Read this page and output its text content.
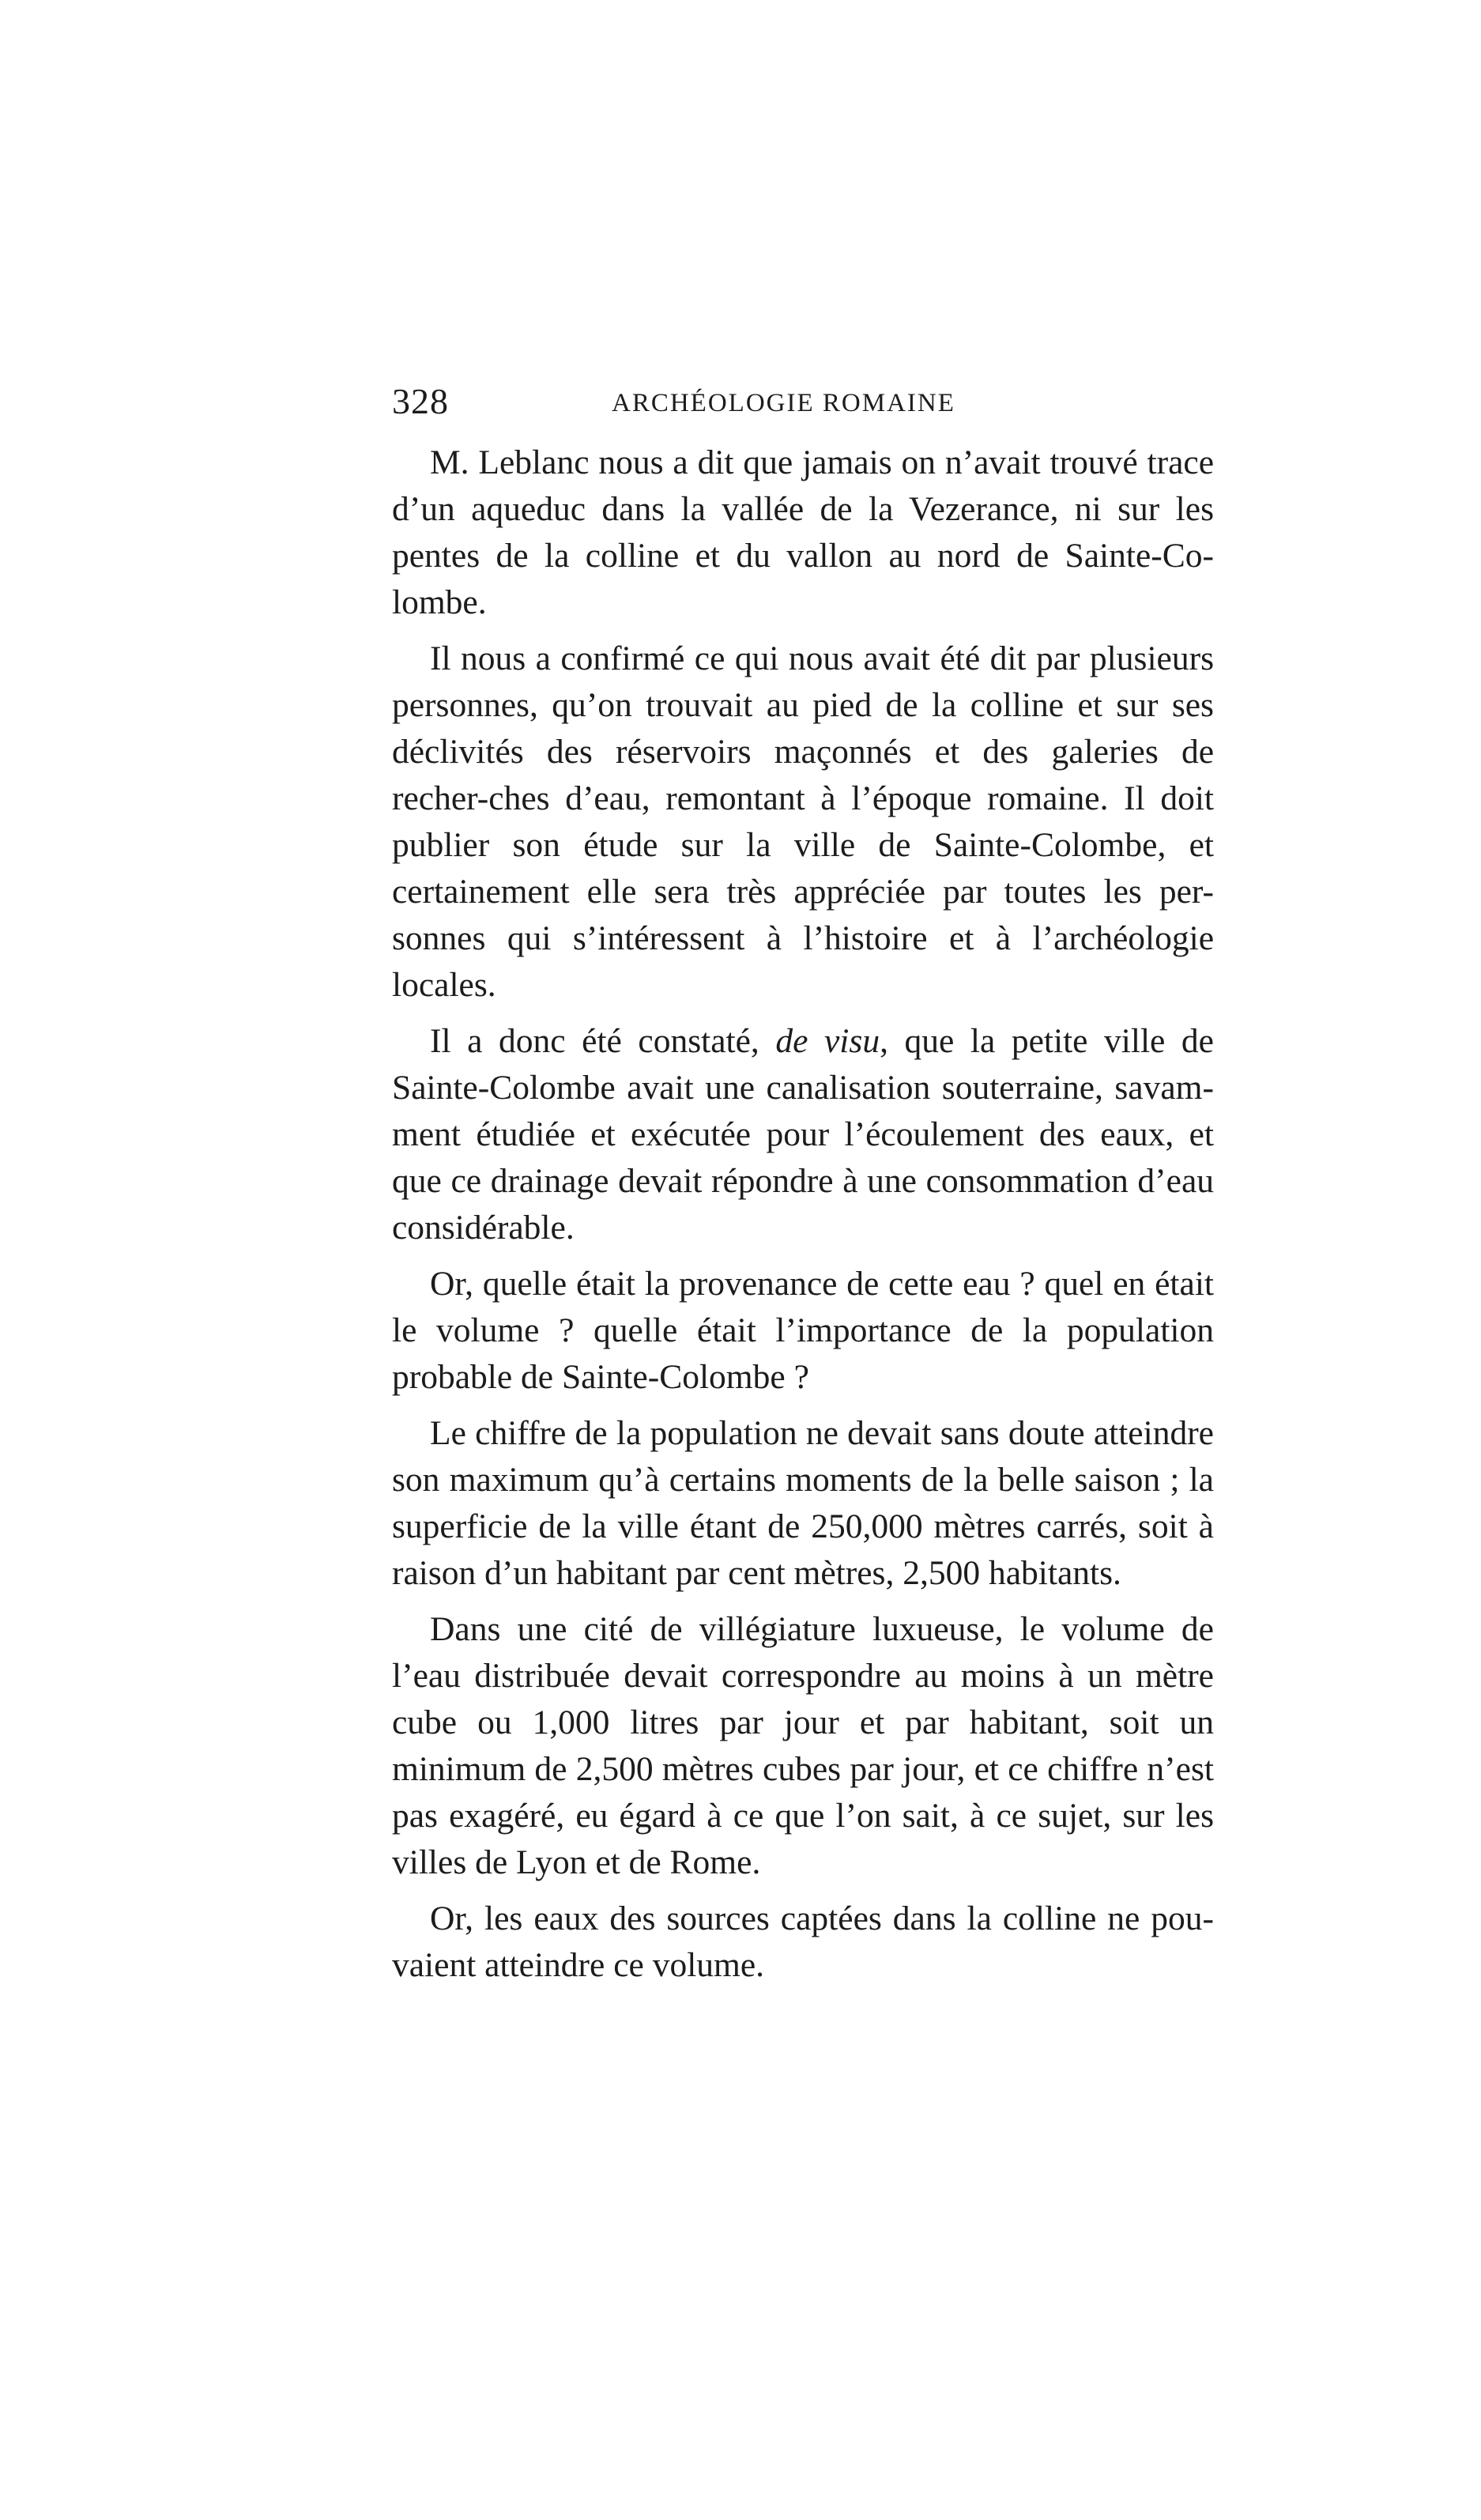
328	ARCHÉOLOGIE ROMAINE

M. Leblanc nous a dit que jamais on n’avait trouvé trace d’un aqueduc dans la vallée de la Vezerance, ni sur les pentes de la colline et du vallon au nord de Sainte-Co-lombe.

Il nous a confirmé ce qui nous avait été dit par plusieurs personnes, qu’on trouvait au pied de la colline et sur ses déclivités des réservoirs maçonnés et des galeries de recher-ches d’eau, remontant à l’époque romaine. Il doit publier son étude sur la ville de Sainte-Colombe, et certainement elle sera très appréciée par toutes les per-sonnes qui s’intéressent à l’histoire et à l’archéologie locales.

Il a donc été constaté, de visu, que la petite ville de Sainte-Colombe avait une canalisation souterraine, savam-ment étudiée et exécutée pour l’écoulement des eaux, et que ce drainage devait répondre à une consommation d’eau considérable.

Or, quelle était la provenance de cette eau ? quel en était le volume ? quelle était l’importance de la population probable de Sainte-Colombe ?

Le chiffre de la population ne devait sans doute atteindre son maximum qu’à certains moments de la belle saison ; la superficie de la ville étant de 250,000 mètres carrés, soit à raison d’un habitant par cent mètres, 2,500 habitants.

Dans une cité de villégiature luxueuse, le volume de l’eau distribuée devait correspondre au moins à un mètre cube ou 1,000 litres par jour et par habitant, soit un minimum de 2,500 mètres cubes par jour, et ce chiffre n’est pas exagéré, eu égard à ce que l’on sait, à ce sujet, sur les villes de Lyon et de Rome.

Or, les eaux des sources captées dans la colline ne pou-vaient atteindre ce volume.
